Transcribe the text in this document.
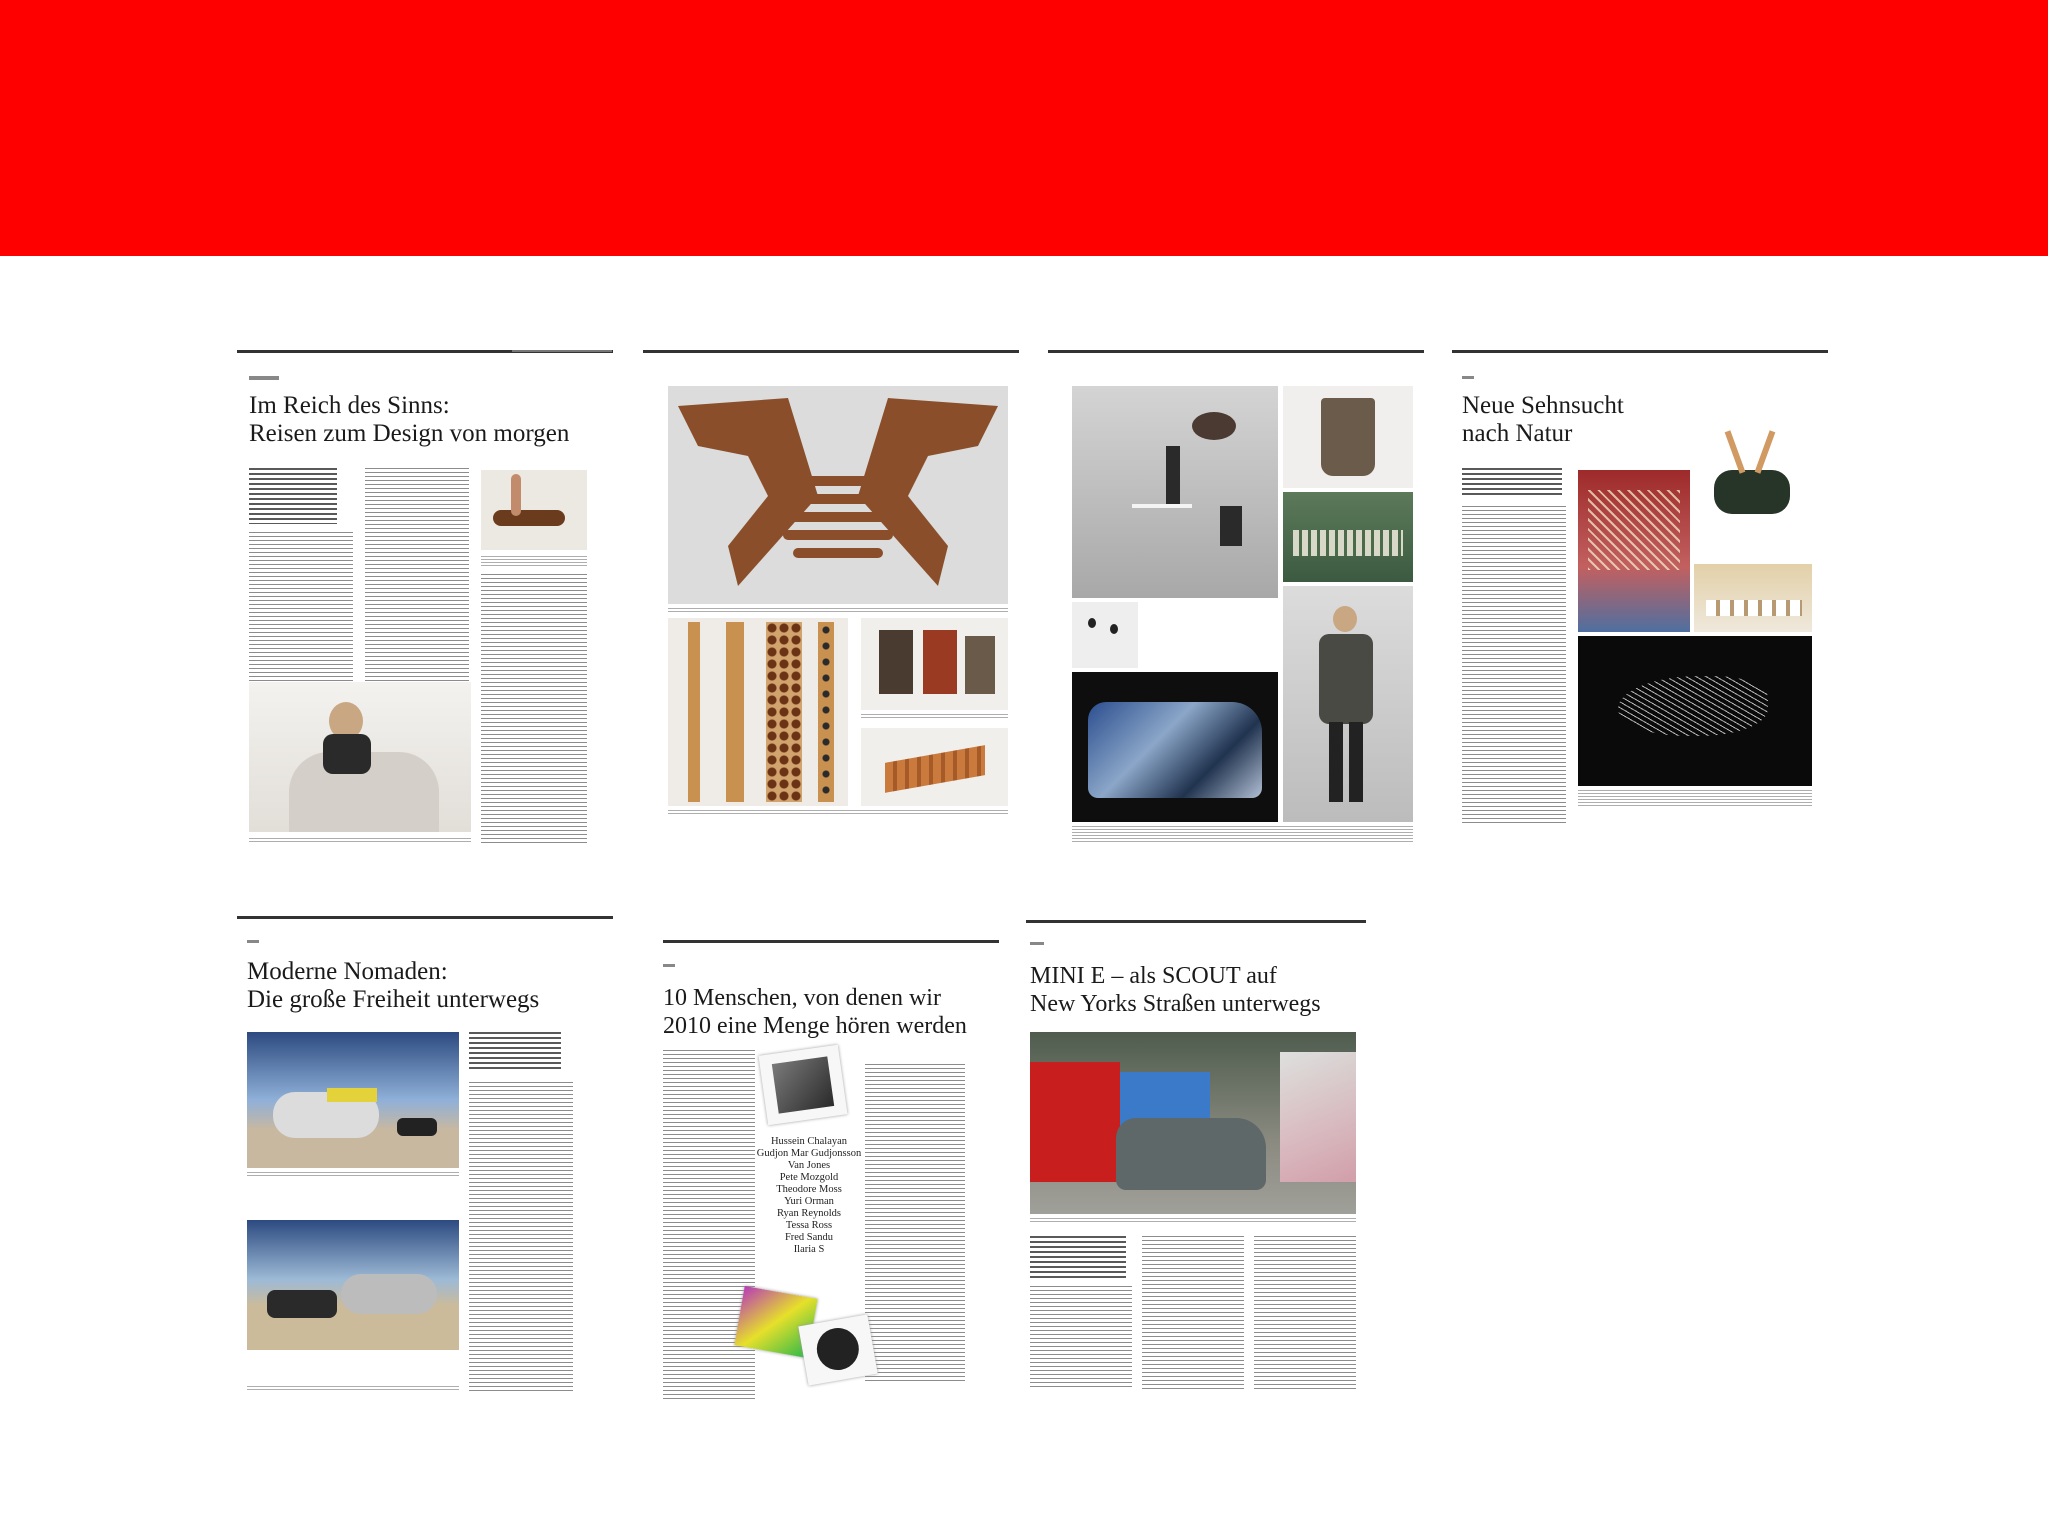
Im Reich des Sinns:
Reisen zum Design von morgen
Neue Sehnsucht
nach Natur
Moderne Nomaden:
Die große Freiheit unterwegs	10 Menschen, von denen wir
2010 eine Menge hören werden
Hussein Chalayan
Gudjon Mar Gudjonsson
Van Jones
Pete Mozgold
Theodore Moss
Yuri Orman
Ryan Reynolds
Tessa Ross
Fred Sandu
Ilaria S
MINI E – als SCOUT auf
New Yorks Straßen unterwegs
